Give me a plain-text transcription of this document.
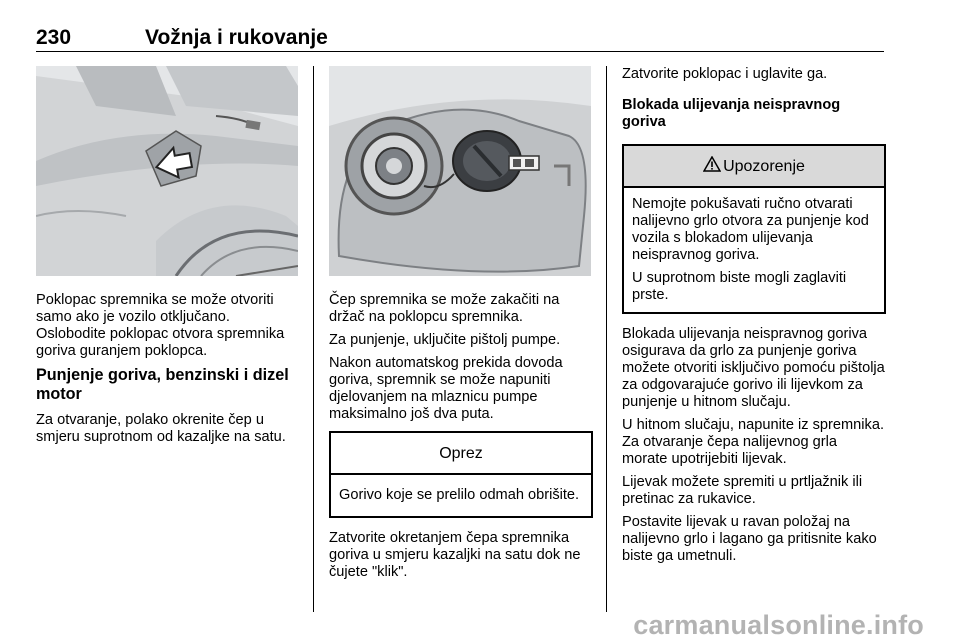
230	Vožnja i rukovanje

Poklopac spremnika se može otvoriti samo ako je vozilo otključano. Oslobodite poklopac otvora spremnika goriva guranjem poklopca.

Punjenje goriva, benzinski i dizel motor

Za otvaranje, polako okrenite čep u smjeru suprotnom od kazaljke na satu.

Čep spremnika se može zakačiti na držač na poklopcu spremnika.

Za punjenje, uključite pištolj pumpe.

Nakon automatskog prekida dovoda goriva, spremnik se može napuniti djelovanjem na mlaznicu pumpe maksimalno još dva puta.

Oprez

Gorivo koje se prelilo odmah obrišite.

Zatvorite okretanjem čepa spremnika goriva u smjeru kazaljki na satu dok ne čujete "klik".

Zatvorite poklopac i uglavite ga.

Blokada ulijevanja neispravnog goriva
Upozorenje

Nemojte pokušavati ručno otvarati nalijevno grlo otvora za punjenje kod vozila s blokadom ulijevanja neispravnog goriva.

U suprotnom biste mogli zaglaviti prste.

Blokada ulijevanja neispravnog goriva osigurava da grlo za punjenje goriva možete otvoriti isključivo pomoću pištolja za odgovarajuće gorivo ili lijevkom za punjenje u hitnom slučaju.

U hitnom slučaju, napunite iz spremnika. Za otvaranje čepa nalijevnog grla morate upotrijebiti lijevak.

Lijevak možete spremiti u prtljažnik ili pretinac za rukavice.

Postavite lijevak u ravan položaj na nalijevno grlo i lagano ga pritisnite kako biste ga umetnuli.

carmanualsonline.info
